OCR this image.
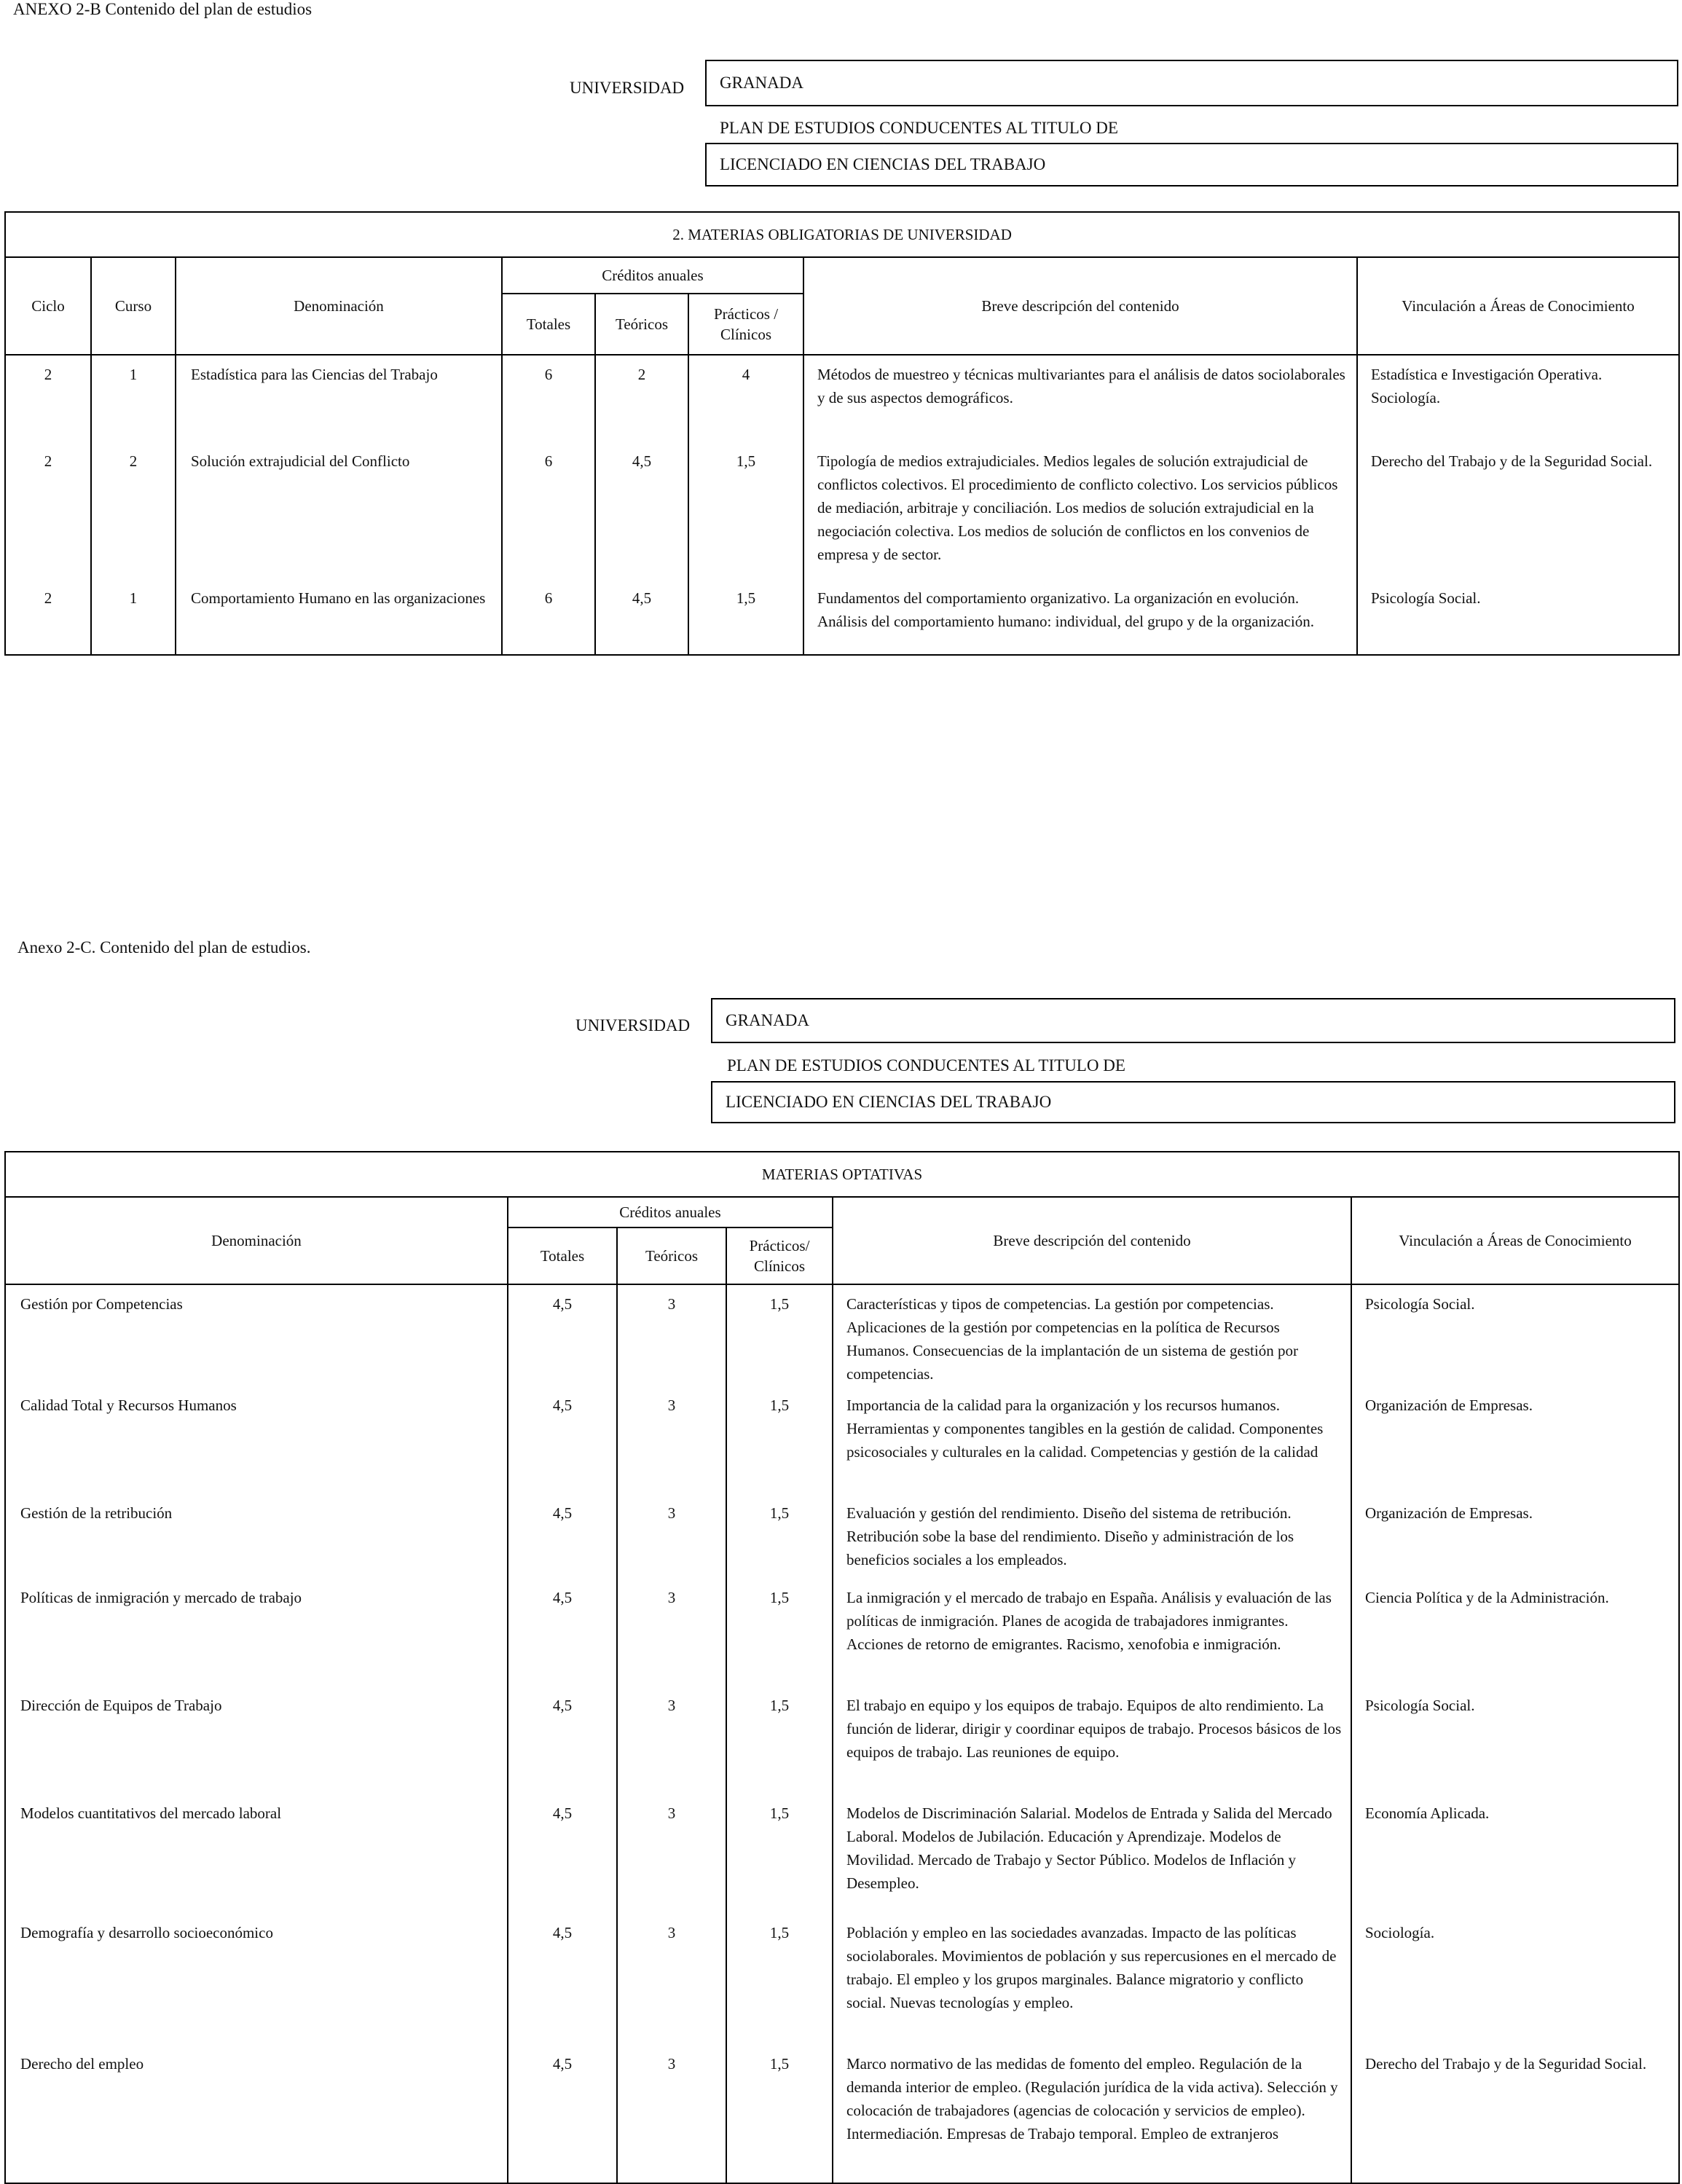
ANEXO 2-B Contenido del plan de estudios
UNIVERSIDAD GRANADA
PLAN DE ESTUDIOS CONDUCENTES AL TITULO DE
LICENCIADO EN CIENCIAS DEL TRABAJO
2. MATERIAS OBLIGATORIAS DE UNIVERSIDAD							
Ciclo	Curso	Denominación	Créditos anuales			Breve descripción del contenido	Vinculación a Áreas de Conocimiento
			Totales	Teóricos	Prácticos / Clínicos		
2	1	Estadística para las Ciencias del Trabajo	6	2	4	Métodos de muestreo y técnicas multivariantes para el análisis de datos sociolaborales y de sus aspectos demográficos.	Estadística e Investigación Operativa. Sociología.
2	2	Solución extrajudicial del Conflicto	6	4,5	1,5	Tipología de medios extrajudiciales. Medios legales de solución extrajudicial de conflictos colectivos. El procedimiento de conflicto colectivo. Los servicios públicos de mediación, arbitraje y conciliación. Los medios de solución extrajudicial en la negociación colectiva. Los medios de solución de conflictos en los convenios de empresa y de sector.	Derecho del Trabajo y de la Seguridad Social.
2	1	Comportamiento Humano en las organizaciones	6	4,5	1,5	Fundamentos del comportamiento organizativo. La organización en evolución. Análisis del comportamiento humano: individual, del grupo y de la organización.	Psicología Social.
Anexo 2-C. Contenido del plan de estudios.
UNIVERSIDAD GRANADA
PLAN DE ESTUDIOS CONDUCENTES AL TITULO DE
LICENCIADO EN CIENCIAS DEL TRABAJO
MATERIAS OPTATIVAS					
Denominación	Créditos anuales			Breve descripción del contenido	Vinculación a Áreas de Conocimiento
	Totales	Teóricos	Prácticos/ Clínicos		
Gestión por Competencias	4,5	3	1,5	Características y tipos de competencias. La gestión por competencias. Aplicaciones de la gestión por competencias en la política de Recursos Humanos. Consecuencias de la implantación de un sistema de gestión por competencias.	Psicología Social.
Calidad Total y Recursos Humanos	4,5	3	1,5	Importancia de la calidad para la organización y los recursos humanos. Herramientas y componentes tangibles en la gestión de calidad. Componentes psicosociales y culturales en la calidad. Competencias y gestión de la calidad	Organización de Empresas.
Gestión de la retribución	4,5	3	1,5	Evaluación y gestión del rendimiento. Diseño del sistema de retribución. Retribución sobe la base del rendimiento. Diseño y administración de los beneficios sociales a los empleados.	Organización de Empresas.
Políticas de inmigración y mercado de trabajo	4,5	3	1,5	La inmigración y el mercado de trabajo en España. Análisis y evaluación de las políticas de inmigración. Planes de acogida de trabajadores inmigrantes. Acciones de retorno de emigrantes. Racismo, xenofobia e inmigración.	Ciencia Política y de la Administración.
Dirección de Equipos de Trabajo	4,5	3	1,5	El trabajo en equipo y los equipos de trabajo. Equipos de alto rendimiento. La función de liderar, dirigir y coordinar equipos de trabajo. Procesos básicos de los equipos de trabajo. Las reuniones de equipo.	Psicología Social.
Modelos cuantitativos del mercado laboral	4,5	3	1,5	Modelos de Discriminación Salarial. Modelos de Entrada y Salida del Mercado Laboral. Modelos de Jubilación. Educación y Aprendizaje. Modelos de Movilidad. Mercado de Trabajo y Sector Público. Modelos de Inflación y Desempleo.	Economía Aplicada.
Demografía y desarrollo socioeconómico	4,5	3	1,5	Población y empleo en las sociedades avanzadas. Impacto de las políticas sociolaborales. Movimientos de población y sus repercusiones en el mercado de trabajo. El empleo y los grupos marginales. Balance migratorio y conflicto social. Nuevas tecnologías y empleo.	Sociología.
Derecho del empleo	4,5	3	1,5	Marco normativo de las medidas de fomento del empleo. Regulación de la demanda interior de empleo. (Regulación jurídica de la vida activa). Selección y colocación de trabajadores (agencias de colocación y servicios de empleo). Intermediación. Empresas de Trabajo temporal. Empleo de extranjeros	Derecho del Trabajo y de la Seguridad Social.
